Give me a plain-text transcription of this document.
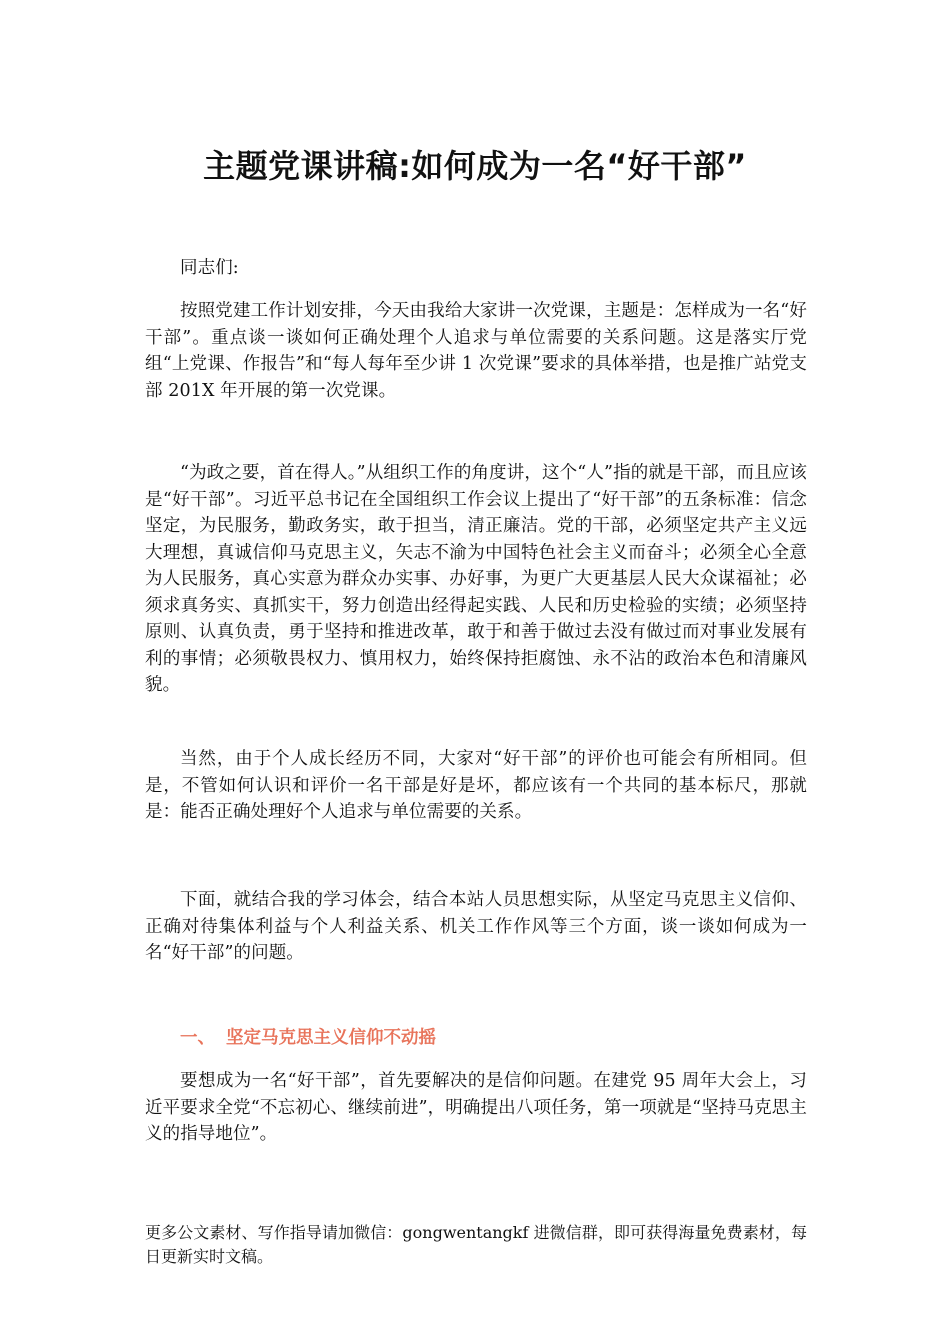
主题党课讲稿:如何成为一名“好干部”

同志们:

按照党建工作计划安排，今天由我给大家讲一次党课，主题是：怎样成为一名“好干部”。重点谈一谈如何正确处理个人追求与单位需要的关系问题。这是落实厅党组“上党课、作报告”和“每人每年至少讲 1 次党课”要求的具体举措，也是推广站党支部 201X 年开展的第一次党课。

“为政之要，首在得人。”从组织工作的角度讲，这个“人”指的就是干部，而且应该是“好干部”。习近平总书记在全国组织工作会议上提出了“好干部”的五条标准：信念坚定，为民服务，勤政务实，敢于担当，清正廉洁。党的干部，必须坚定共产主义远大理想，真诚信仰马克思主义，矢志不渝为中国特色社会主义而奋斗；必须全心全意为人民服务，真心实意为群众办实事、办好事，为更广大更基层人民大众谋福祉；必须求真务实、真抓实干，努力创造出经得起实践、人民和历史检验的实绩；必须坚持原则、认真负责，勇于坚持和推进改革，敢于和善于做过去没有做过而对事业发展有利的事情；必须敬畏权力、慎用权力，始终保持拒腐蚀、永不沾的政治本色和清廉风貌。

当然，由于个人成长经历不同，大家对“好干部”的评价也可能会有所相同。但是，不管如何认识和评价一名干部是好是坏，都应该有一个共同的基本标尺，那就是：能否正确处理好个人追求与单位需要的关系。

下面，就结合我的学习体会，结合本站人员思想实际，从坚定马克思主义信仰、正确对待集体利益与个人利益关系、机关工作作风等三个方面，谈一谈如何成为一名“好干部”的问题。

一、 坚定马克思主义信仰不动摇

要想成为一名“好干部”，首先要解决的是信仰问题。在建党 95 周年大会上，习近平要求全党“不忘初心、继续前进”，明确提出八项任务，第一项就是“坚持马克思主义的指导地位”。

更多公文素材、写作指导请加微信：gongwentangkf 进微信群，即可获得海量免费素材，每日更新实时文稿。
